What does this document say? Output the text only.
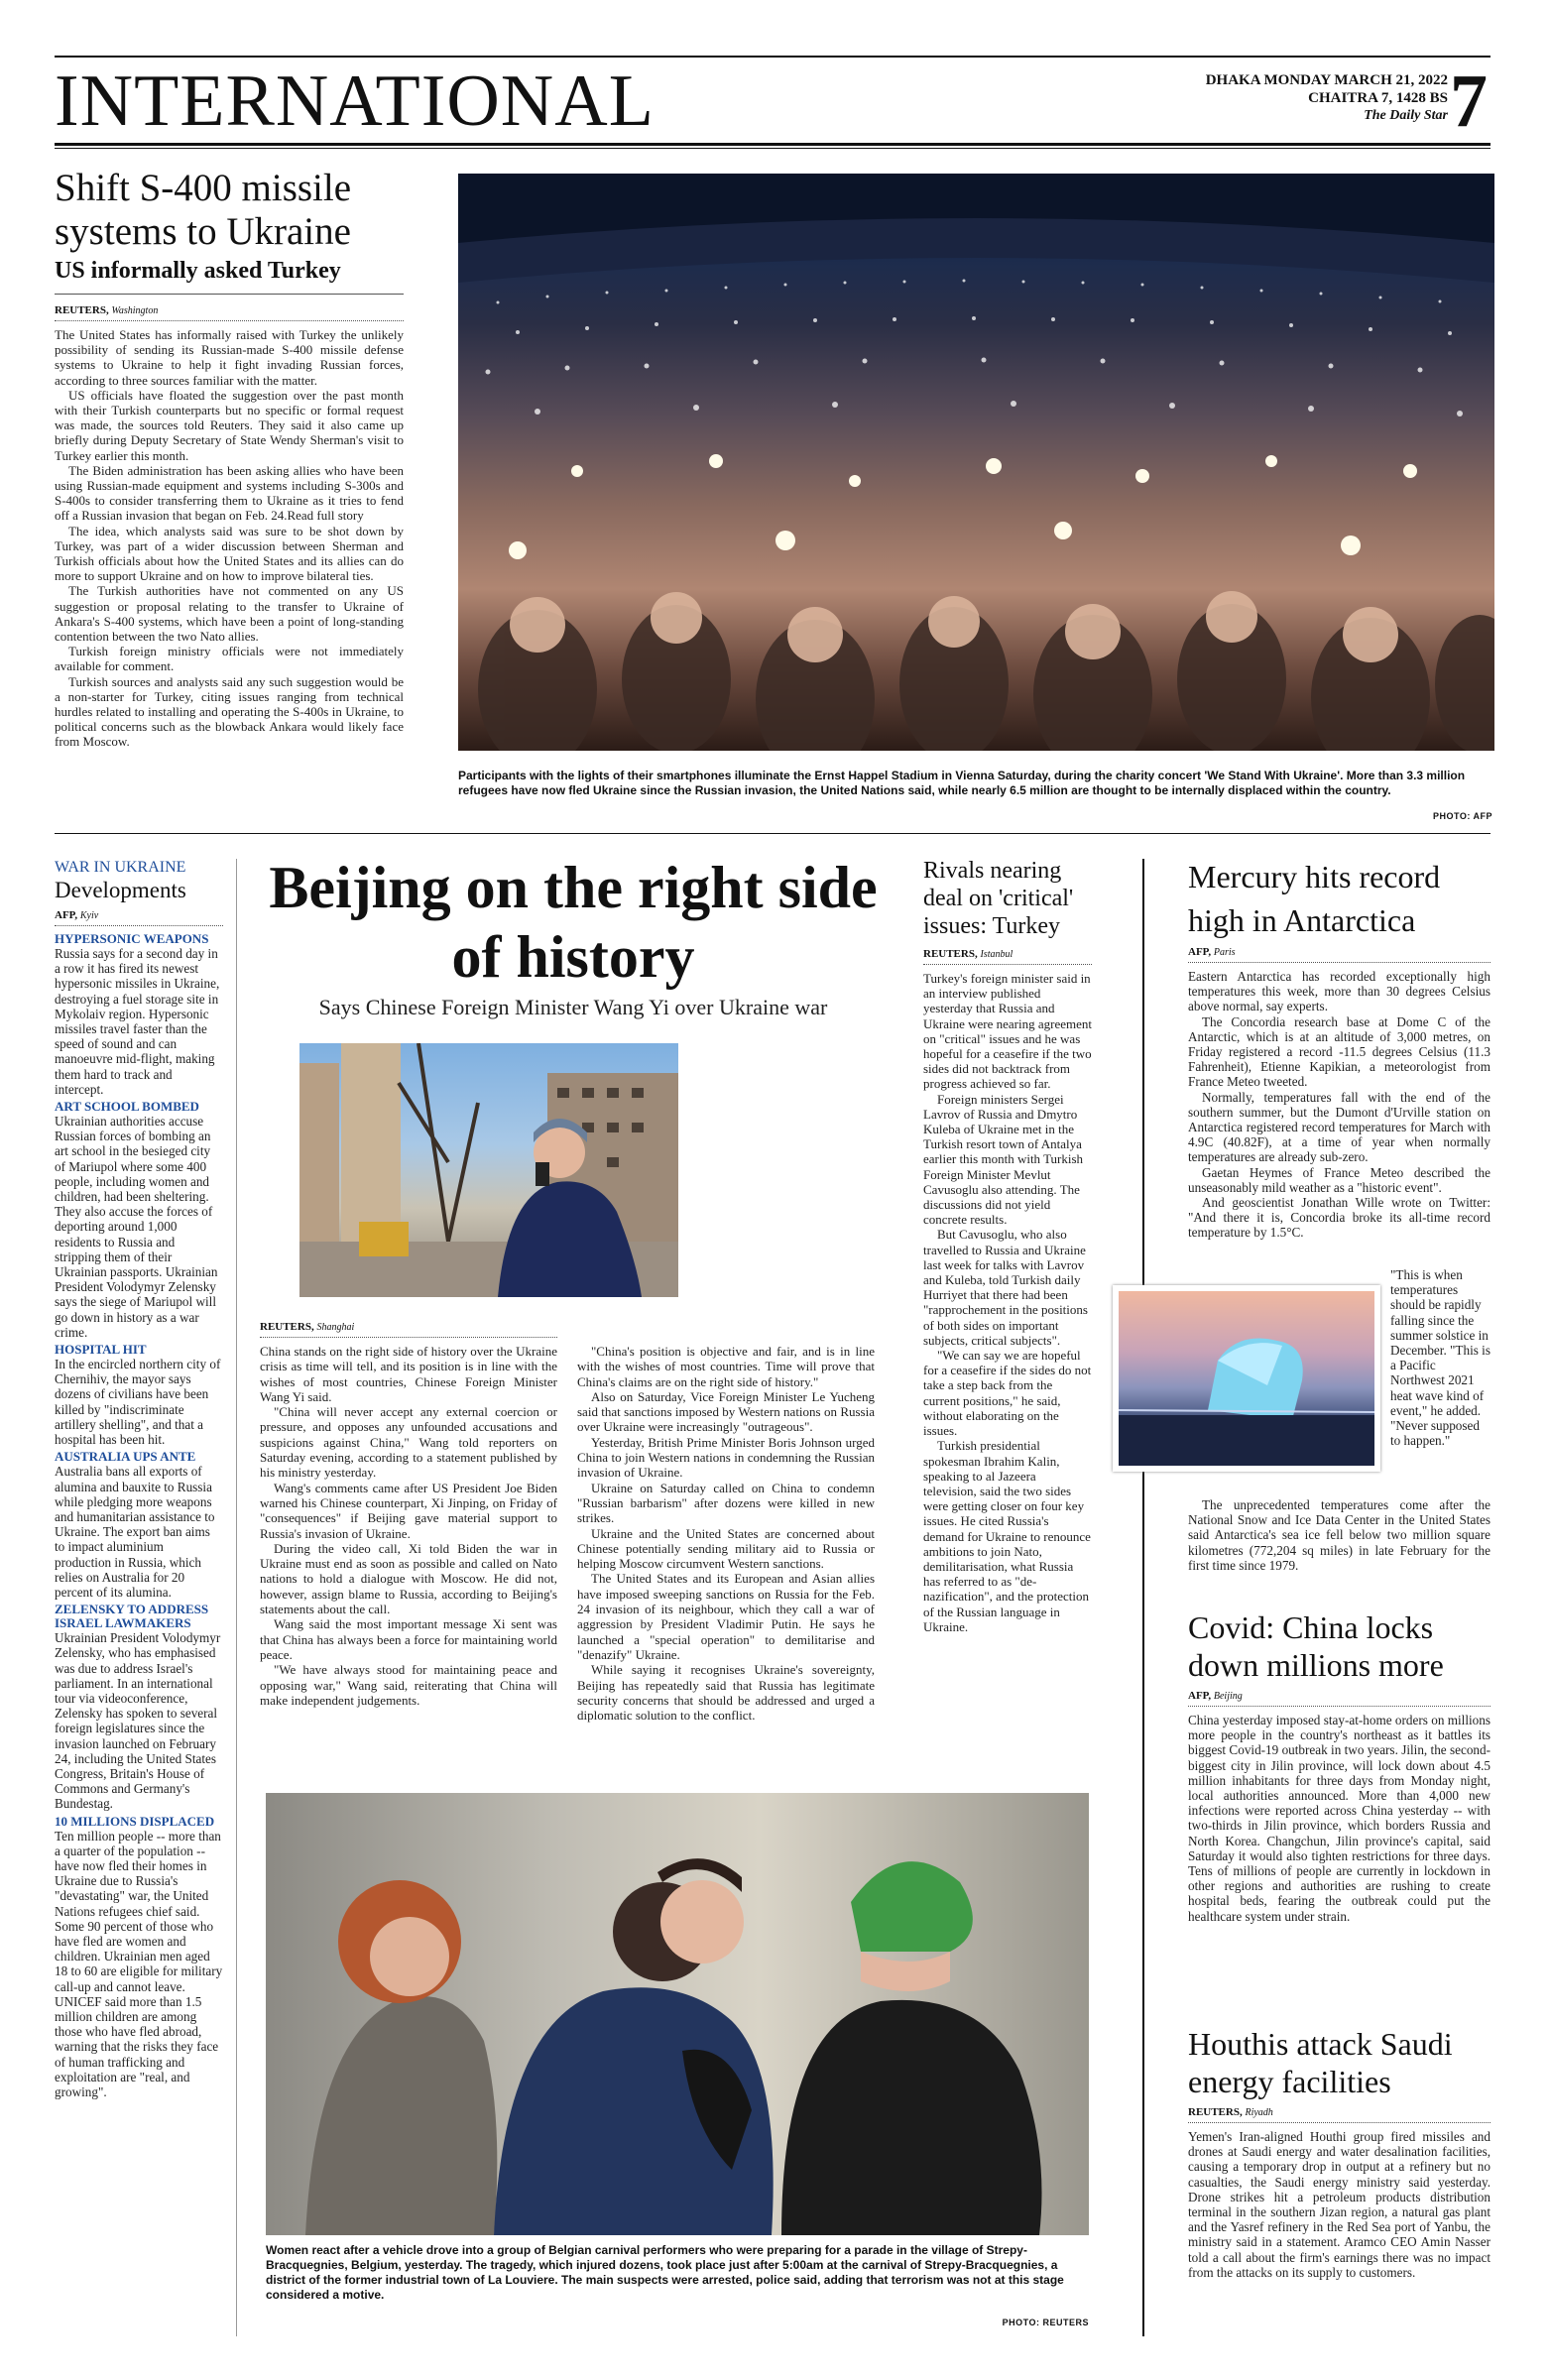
INTERNATIONAL	DHAKA MONDAY MARCH 21, 2022
CHAITRA 7, 1428 BS
The Daily Star 7
Shift S-400 missile systems to Ukraine
US informally asked Turkey
REUTERS, Washington

The United States has informally raised with Turkey the unlikely possibility of sending its Russian-made S-400 missile defense systems to Ukraine to help it fight invading Russian forces, according to three sources familiar with the matter.

US officials have floated the suggestion over the past month with their Turkish counterparts but no specific or formal request was made, the sources told Reuters. They said it also came up briefly during Deputy Secretary of State Wendy Sherman's visit to Turkey earlier this month.

The Biden administration has been asking allies who have been using Russian-made equipment and systems including S-300s and S-400s to consider transferring them to Ukraine as it tries to fend off a Russian invasion that began on Feb. 24.Read full story

The idea, which analysts said was sure to be shot down by Turkey, was part of a wider discussion between Sherman and Turkish officials about how the United States and its allies can do more to support Ukraine and on how to improve bilateral ties.

The Turkish authorities have not commented on any US suggestion or proposal relating to the transfer to Ukraine of Ankara's S-400 systems, which have been a point of long-standing contention between the two Nato allies.

Turkish foreign ministry officials were not immediately available for comment.

Turkish sources and analysts said any such suggestion would be a non-starter for Turkey, citing issues ranging from technical hurdles related to installing and operating the S-400s in Ukraine, to political concerns such as the blowback Ankara would likely face from Moscow.

Participants with the lights of their smartphones illuminate the Ernst Happel Stadium in Vienna Saturday, during the charity concert 'We Stand With Ukraine'. More than 3.3 million refugees have now fled Ukraine since the Russian invasion, the United Nations said, while nearly 6.5 million are thought to be internally displaced within the country.
PHOTO: AFP
WAR IN UKRAINE
Developments
AFP, Kyiv
HYPERSONIC WEAPONS
Russia says for a second day in a row it has fired its newest hypersonic missiles in Ukraine, destroying a fuel storage site in Mykolaiv region. Hypersonic missiles travel faster than the speed of sound and can manoeuvre mid-flight, making them hard to track and intercept.
ART SCHOOL BOMBED
Ukrainian authorities accuse Russian forces of bombing an art school in the besieged city of Mariupol where some 400 people, including women and children, had been sheltering. They also accuse the forces of deporting around 1,000 residents to Russia and stripping them of their Ukrainian passports. Ukrainian President Volodymyr Zelensky says the siege of Mariupol will go down in history as a war crime.
HOSPITAL HIT
In the encircled northern city of Chernihiv, the mayor says dozens of civilians have been killed by "indiscriminate artillery shelling", and that a hospital has been hit.
AUSTRALIA UPS ANTE
Australia bans all exports of alumina and bauxite to Russia while pledging more weapons and humanitarian assistance to Ukraine. The export ban aims to impact aluminium production in Russia, which relies on Australia for 20 percent of its alumina.
ZELENSKY TO ADDRESS ISRAEL LAWMAKERS
Ukrainian President Volodymyr Zelensky, who has emphasised was due to address Israel's parliament. In an international tour via videoconference, Zelensky has spoken to several foreign legislatures since the invasion launched on February 24, including the United States Congress, Britain's House of Commons and Germany's Bundestag.
10 MILLIONS DISPLACED
Ten million people -- more than a quarter of the population -- have now fled their homes in Ukraine due to Russia's "devastating" war, the United Nations refugees chief said. Some 90 percent of those who have fled are women and children. Ukrainian men aged 18 to 60 are eligible for military call-up and cannot leave. UNICEF said more than 1.5 million children are among those who have fled abroad, warning that the risks they face of human trafficking and exploitation are "real, and growing".
Beijing on the right side of history
Says Chinese Foreign Minister Wang Yi over Ukraine war
REUTERS, Shanghai

China stands on the right side of history over the Ukraine crisis as time will tell, and its position is in line with the wishes of most countries, Chinese Foreign Minister Wang Yi said.

"China will never accept any external coercion or pressure, and opposes any unfounded accusations and suspicions against China," Wang told reporters on Saturday evening, according to a statement published by his ministry yesterday.

Wang's comments came after US President Joe Biden warned his Chinese counterpart, Xi Jinping, on Friday of "consequences" if Beijing gave material support to Russia's invasion of Ukraine.

During the video call, Xi told Biden the war in Ukraine must end as soon as possible and called on Nato nations to hold a dialogue with Moscow. He did not, however, assign blame to Russia, according to Beijing's statements about the call.

Wang said the most important message Xi sent was that China has always been a force for maintaining world peace.

"We have always stood for maintaining peace and opposing war," Wang said, reiterating that China will make independent judgements.

"China's position is objective and fair, and is in line with the wishes of most countries. Time will prove that China's claims are on the right side of history."

Also on Saturday, Vice Foreign Minister Le Yucheng said that sanctions imposed by Western nations on Russia over Ukraine were increasingly "outrageous".

Yesterday, British Prime Minister Boris Johnson urged China to join Western nations in condemning the Russian invasion of Ukraine.

Ukraine on Saturday called on China to condemn "Russian barbarism" after dozens were killed in new strikes.

Ukraine and the United States are concerned about Chinese potentially sending military aid to Russia or helping Moscow circumvent Western sanctions.

The United States and its European and Asian allies have imposed sweeping sanctions on Russia for the Feb. 24 invasion of its neighbour, which they call a war of aggression by President Vladimir Putin. He says he launched a "special operation" to demilitarise and "denazify" Ukraine.

While saying it recognises Ukraine's sovereignty, Beijing has repeatedly said that Russia has legitimate security concerns that should be addressed and urged a diplomatic solution to the conflict.

Rivals nearing deal on 'critical' issues: Turkey
REUTERS, Istanbul

Turkey's foreign minister said in an interview published yesterday that Russia and Ukraine were nearing agreement on "critical" issues and he was hopeful for a ceasefire if the two sides did not backtrack from progress achieved so far.

Foreign ministers Sergei Lavrov of Russia and Dmytro Kuleba of Ukraine met in the Turkish resort town of Antalya earlier this month with Turkish Foreign Minister Mevlut Cavusoglu also attending. The discussions did not yield concrete results.

But Cavusoglu, who also travelled to Russia and Ukraine last week for talks with Lavrov and Kuleba, told Turkish daily Hurriyet that there had been "rapprochement in the positions of both sides on important subjects, critical subjects".

"We can say we are hopeful for a ceasefire if the sides do not take a step back from the current positions," he said, without elaborating on the issues.

Turkish presidential spokesman Ibrahim Kalin, speaking to al Jazeera television, said the two sides were getting closer on four key issues. He cited Russia's demand for Ukraine to renounce ambitions to join Nato, demilitarisation, what Russia has referred to as "de-nazification", and the protection of the Russian language in Ukraine.

Mercury hits record high in Antarctica
AFP, Paris

Eastern Antarctica has recorded exceptionally high temperatures this week, more than 30 degrees Celsius above normal, say experts.

The Concordia research base at Dome C of the Antarctic, which is at an altitude of 3,000 metres, on Friday registered a record -11.5 degrees Celsius (11.3 Fahrenheit), Etienne Kapikian, a meteorologist from France Meteo tweeted.

Normally, temperatures fall with the end of the southern summer, but the Dumont d'Urville station on Antarctica registered record temperatures for March with 4.9C (40.82F), at a time of year when normally temperatures are already sub-zero.

Gaetan Heymes of France Meteo described the unseasonably mild weather as a "historic event".

And geoscientist Jonathan Wille wrote on Twitter: "And there it is, Concordia broke its all-time record temperature by 1.5°C.

"This is when temperatures should be rapidly falling since the summer solstice in December. "This is a Pacific Northwest 2021 heat wave kind of event," he added. "Never supposed to happen."
The unprecedented temperatures come after the National Snow and Ice Data Center in the United States said Antarctica's sea ice fell below two million square kilometres (772,204 sq miles) in late February for the first time since 1979.
Covid: China locks down millions more
AFP, Beijing
China yesterday imposed stay-at-home orders on millions more people in the country's northeast as it battles its biggest Covid-19 outbreak in two years. Jilin, the second-biggest city in Jilin province, will lock down about 4.5 million inhabitants for three days from Monday night, local authorities announced. More than 4,000 new infections were reported across China yesterday -- with two-thirds in Jilin province, which borders Russia and North Korea. Changchun, Jilin province's capital, said Saturday it would also tighten restrictions for three days. Tens of millions of people are currently in lockdown in other regions and authorities are rushing to create hospital beds, fearing the outbreak could put the healthcare system under strain.
Houthis attack Saudi energy facilities
REUTERS, Riyadh
Yemen's Iran-aligned Houthi group fired missiles and drones at Saudi energy and water desalination facilities, causing a temporary drop in output at a refinery but no casualties, the Saudi energy ministry said yesterday. Drone strikes hit a petroleum products distribution terminal in the southern Jizan region, a natural gas plant and the Yasref refinery in the Red Sea port of Yanbu, the ministry said in a statement. Aramco CEO Amin Nasser told a call about the firm's earnings there was no impact from the attacks on its supply to customers.
Women react after a vehicle drove into a group of Belgian carnival performers who were preparing for a parade in the village of Strepy-Bracquegnies, Belgium, yesterday. The tragedy, which injured dozens, took place just after 5:00am at the carnival of Strepy-Bracquegnies, a district of the former industrial town of La Louviere. The main suspects were arrested, police said, adding that terrorism was not at this stage considered a motive.
PHOTO: REUTERS
